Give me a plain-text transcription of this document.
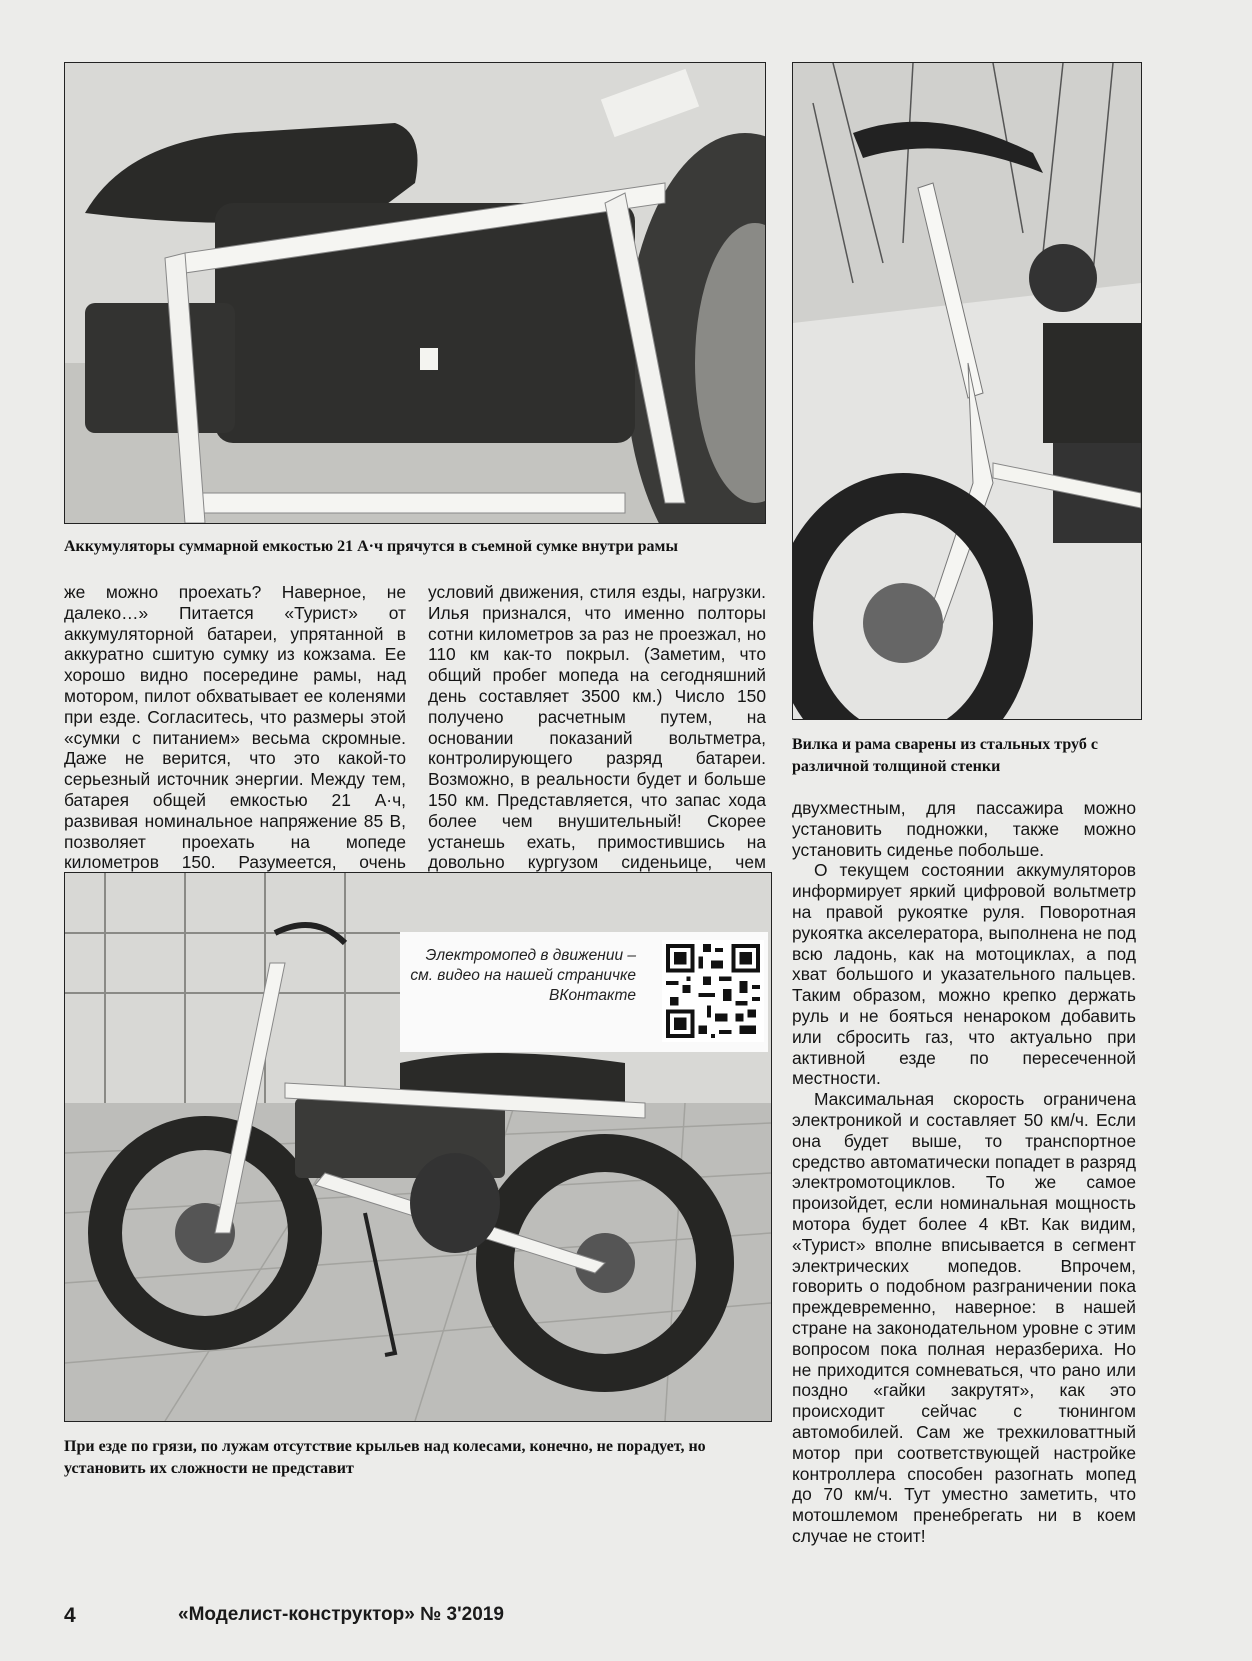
Аккумуляторы суммарной емкостью 21 А·ч прячутся в съемной сумке внутри рамы
Вилка и рама сварены из стальных труб с различной толщиной стенки

же можно проехать? Наверное, не далеко…» Питается «Турист» от аккумуляторной батареи, упрятанной в аккуратно сшитую сумку из кожзама. Ее хорошо видно посередине рамы, над мотором, пилот обхватывает ее коленями при езде. Согласитесь, что размеры этой «сумки с питанием» весьма скромные. Даже не верится, что это какой-то серьезный источник энергии. Между тем, батарея общей емкостью 21 А·ч, развивая номинальное напряжение 85 В, позволяет проехать на мопеде километров 150. Разумеется, очень

условий движения, стиля езды, нагрузки. Илья признался, что именно полторы сотни километров за раз не проезжал, но 110 км как-то покрыл. (Заметим, что общий пробег мопеда на сегодняшний день составляет 3500 км.) Число 150 получено расчетным путем, на основании показаний вольтметра, контролирующего разряд батареи. Возможно, в реальности будет и больше 150 км. Представляется, что запас хода более чем внушительный! Скорее устанешь ехать, примостившись на довольно кургузом сиденьице, чем

двухместным, для пассажира можно установить подножки, также можно установить сиденье побольше.

О текущем состоянии аккумуляторов информирует яркий цифровой вольтметр на правой рукоятке руля. Поворотная рукоятка акселератора, выполнена не под всю ладонь, как на мотоциклах, а под хват большого и указательного пальцев. Таким образом, можно крепко держать руль и не бояться ненароком добавить или сбросить газ, что актуально при активной езде по пересеченной местности.

Максимальная скорость ограничена электроникой и составляет 50 км/ч. Если она будет выше, то транспортное средство автоматически попадет в разряд электромотоциклов. То же самое произойдет, если номинальная мощность мотора будет более 4 кВт. Как видим, «Турист» вполне вписывается в сегмент электрических мопедов. Впрочем, говорить о подобном разграничении пока преждевременно, наверное: в нашей стране на законодательном уровне с этим вопросом пока полная неразбериха. Но не приходится сомневаться, что рано или поздно «гайки закрутят», как это происходит сейчас с тюнингом автомобилей. Сам же трехкиловаттный мотор при соответствующей настройке контроллера способен разогнать мопед до 70 км/ч. Тут уместно заметить, что мотошлемом пренебрегать ни в коем случае не стоит!

При езде по грязи, по лужам отсутствие крыльев над колесами, конечно, не порадует, но установить их сложности не представит
Электромопед в движении – см. видео на нашей страничке ВКонтакте
4	«Моделист-конструктор» № 3'2019
